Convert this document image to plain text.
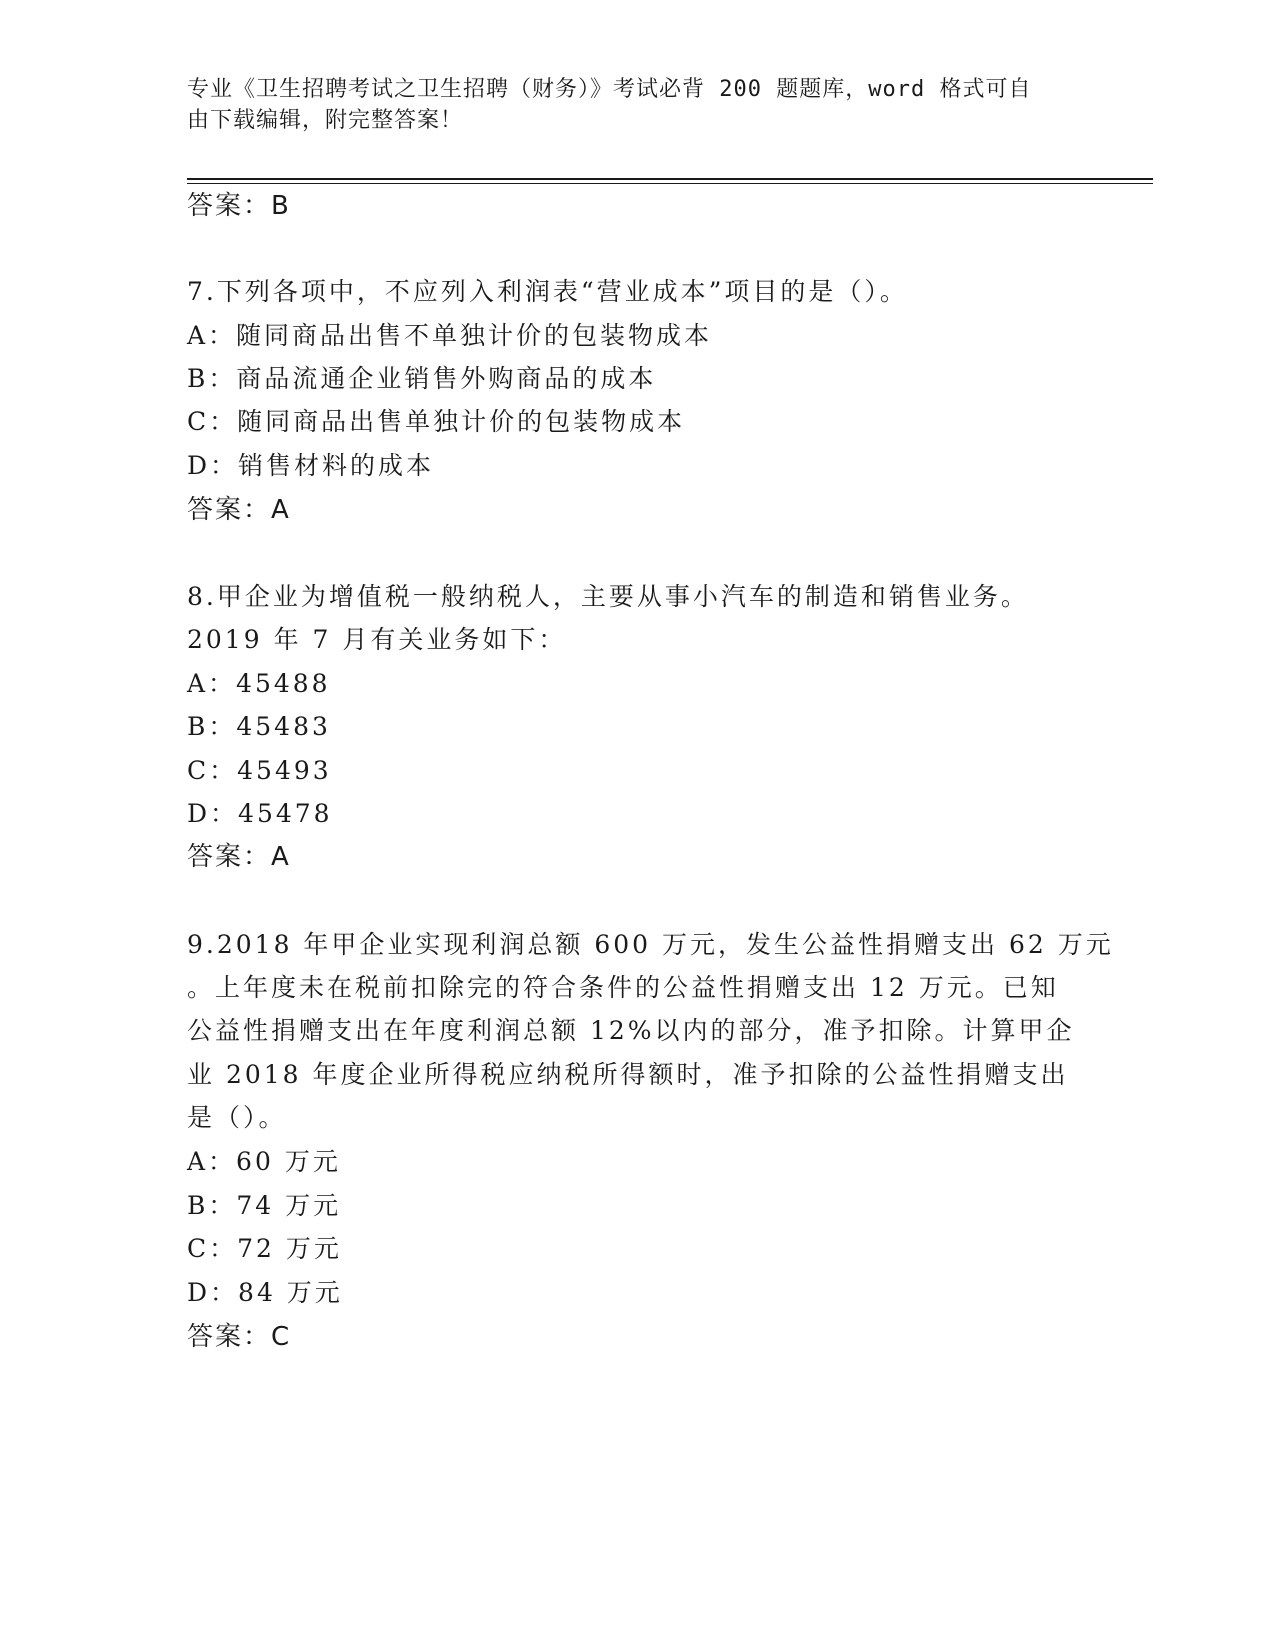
专业《卫生招聘考试之卫生招聘（财务）》考试必背 200 题题库，word 格式可自
由下载编辑，附完整答案！
答案：B
7.下列各项中，不应列入利润表“营业成本”项目的是（）。
A：随同商品出售不单独计价的包装物成本
B：商品流通企业销售外购商品的成本
C：随同商品出售单独计价的包装物成本
D：销售材料的成本
答案：A
8.甲企业为增值税一般纳税人，主要从事小汽车的制造和销售业务。
2019 年 7 月有关业务如下：
A：45488
B：45483
C：45493
D：45478
答案：A
9.2018 年甲企业实现利润总额 600 万元，发生公益性捐赠支出 62 万元
。上年度未在税前扣除完的符合条件的公益性捐赠支出 12 万元。已知
公益性捐赠支出在年度利润总额 12%以内的部分，准予扣除。计算甲企
业 2018 年度企业所得税应纳税所得额时，准予扣除的公益性捐赠支出
是（）。
A：60 万元
B：74 万元
C：72 万元
D：84 万元
答案：C
